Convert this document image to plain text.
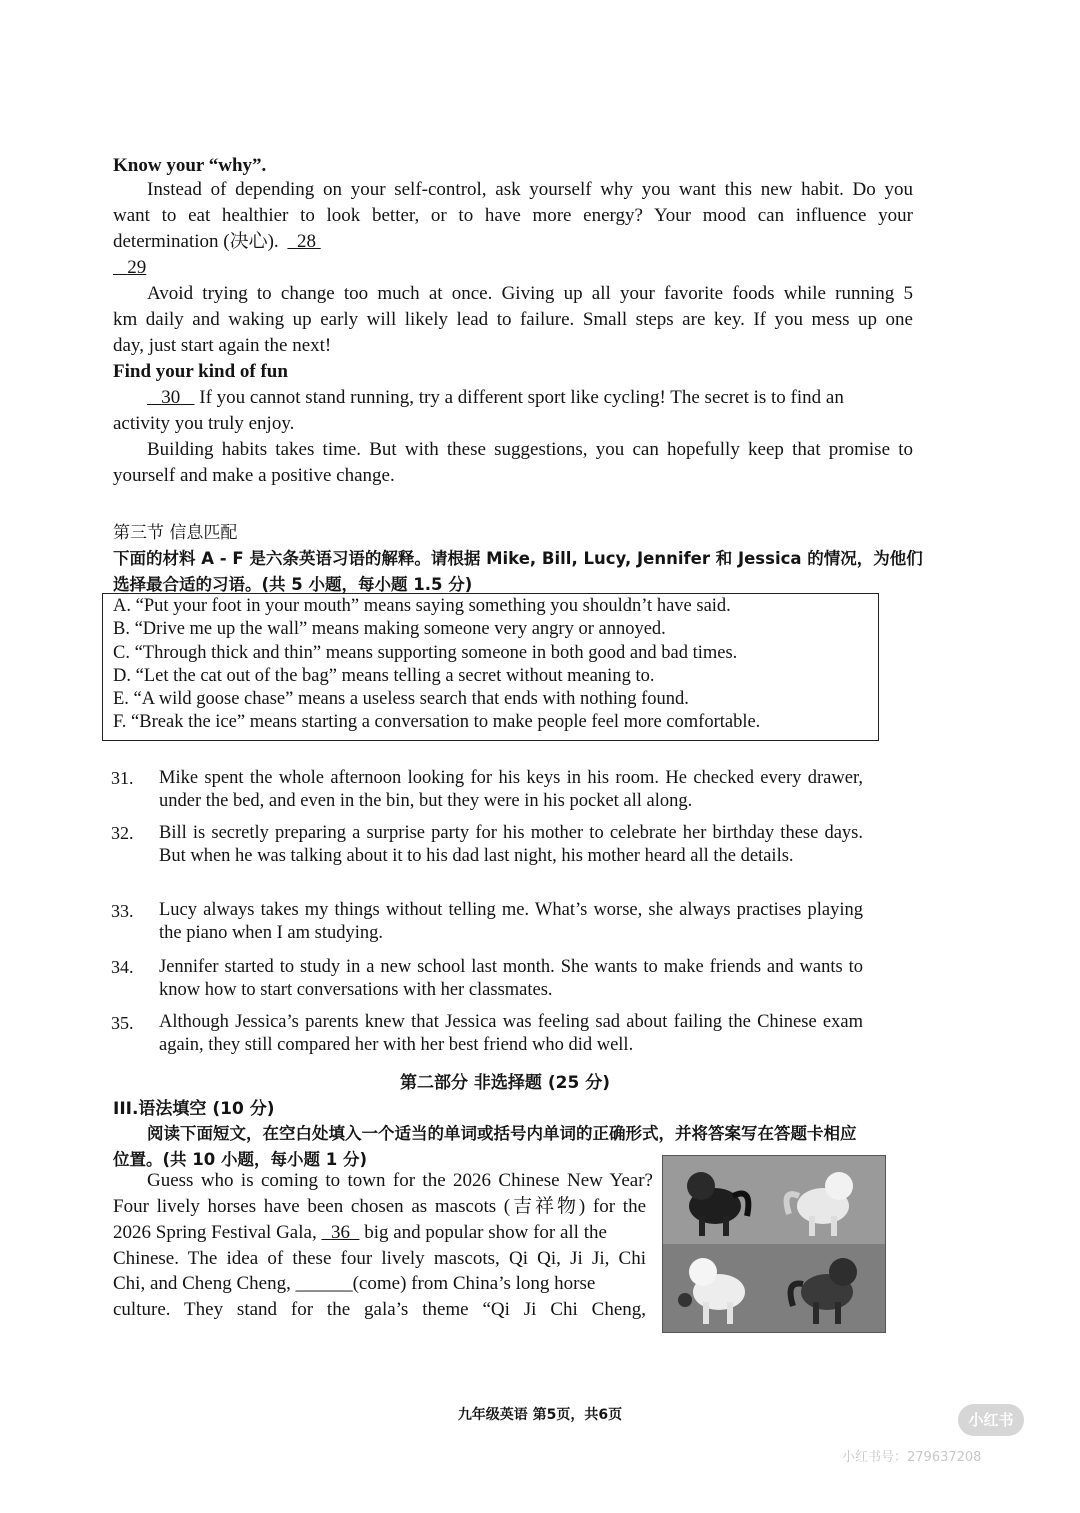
Know your “why”.
Instead of depending on your self-control, ask yourself why you want this new habit. Do you
want to eat healthier to look better, or to have more energy? Your mood can influence your
determination (决心). 28
29
Avoid trying to change too much at once. Giving up all your favorite foods while running 5
km daily and waking up early will likely lead to failure. Small steps are key. If you mess up one
day, just start again the next!
Find your kind of fun
30 If you cannot stand running, try a different sport like cycling! The secret is to find an
activity you truly enjoy.
Building habits takes time. But with these suggestions, you can hopefully keep that promise to
yourself and make a positive change.
第三节 信息匹配
下面的材料 A - F 是六条英语习语的解释。请根据 Mike, Bill, Lucy, Jennifer 和 Jessica 的情况，为他们
选择最合适的习语。(共 5 小题，每小题 1.5 分)
A. “Put your foot in your mouth” means saying something you shouldn’t have said.
B. “Drive me up the wall” means making someone very angry or annoyed.
C. “Through thick and thin” means supporting someone in both good and bad times.
D. “Let the cat out of the bag” means telling a secret without meaning to.
E. “A wild goose chase” means a useless search that ends with nothing found.
F. “Break the ice” means starting a conversation to make people feel more comfortable.
31. Mike spent the whole afternoon looking for his keys in his room. He checked every drawer, under the bed, and even in the bin, but they were in his pocket all along.
32. Bill is secretly preparing a surprise party for his mother to celebrate her birthday these days. But when he was talking about it to his dad last night, his mother heard all the details.
33. Lucy always takes my things without telling me. What’s worse, she always practises playing the piano when I am studying.
34. Jennifer started to study in a new school last month. She wants to make friends and wants to know how to start conversations with her classmates.
35. Although Jessica’s parents knew that Jessica was feeling sad about failing the Chinese exam again, they still compared her with her best friend who did well.
第二部分 非选择题 (25 分)
III.语法填空 (10 分)
阅读下面短文，在空白处填入一个适当的单词或括号内单词的正确形式，并将答案写在答题卡相应
位置。(共 10 小题，每小题 1 分)
Guess who is coming to town for the 2026 Chinese New Year?
Four lively horses have been chosen as mascots (吉祥物) for the
2026 Spring Festival Gala, 36 big and popular show for all the
Chinese. The idea of these four lively mascots, Qi Qi, Ji Ji, Chi
Chi, and Cheng Cheng, ______(come) from China’s long horse
culture. They stand for the gala’s theme “Qi Ji Chi Cheng,
九年级英语 第5页，共6页	小红书
小红书号：279637208
